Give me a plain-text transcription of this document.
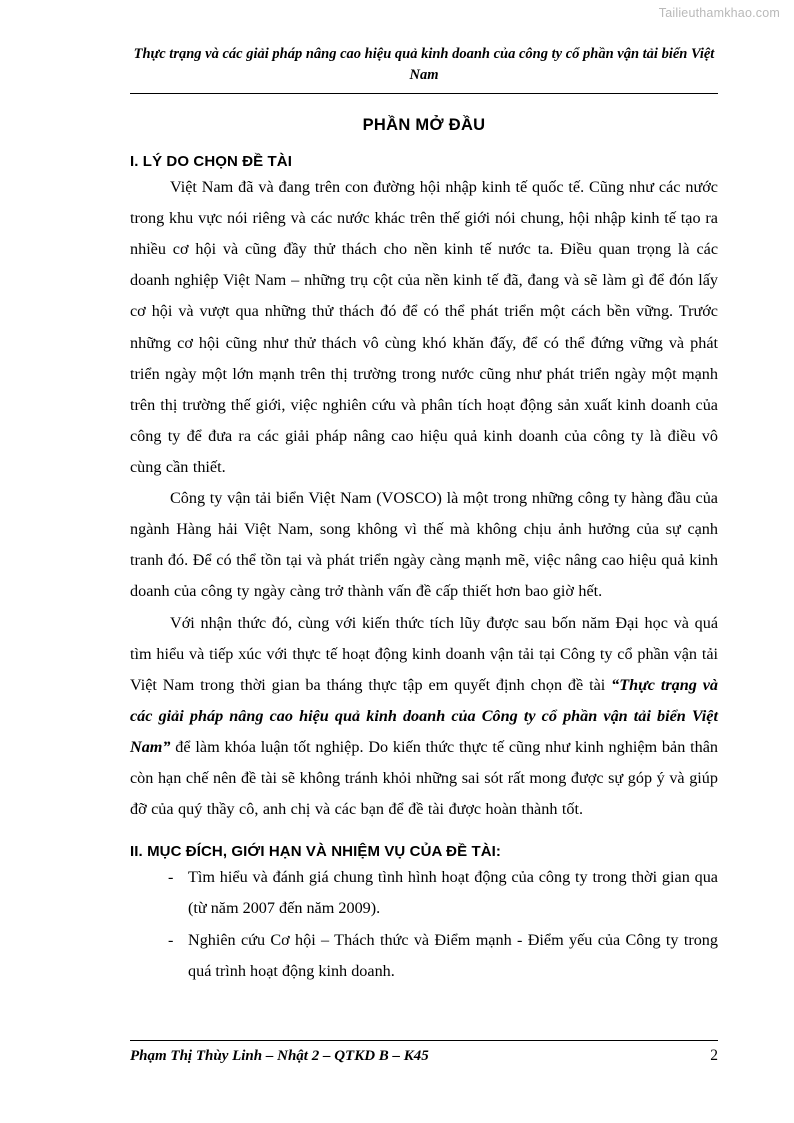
Tailieuthamkhao.com
Thực trạng và các giải pháp nâng cao hiệu quả kinh doanh của công ty cổ phần vận tải biển Việt Nam
PHẦN MỞ ĐẦU
I. LÝ DO CHỌN ĐỀ TÀI

Việt Nam đã và đang trên con đường hội nhập kinh tế quốc tế. Cũng như các nước trong khu vực nói riêng và các nước khác trên thế giới nói chung, hội nhập kinh tế tạo ra nhiều cơ hội và cũng đầy thử thách cho nền kinh tế nước ta. Điều quan trọng là các doanh nghiệp Việt Nam – những trụ cột của nền kinh tế đã, đang và sẽ làm gì để đón lấy cơ hội và vượt qua những thử thách đó để có thể phát triển một cách bền vững. Trước những cơ hội cũng như thử thách vô cùng khó khăn đấy, để có thể đứng vững và phát triển ngày một lớn mạnh trên thị trường trong nước cũng như phát triển ngày một mạnh trên thị trường thế giới, việc nghiên cứu và phân tích hoạt động sản xuất kinh doanh của công ty để đưa ra các giải pháp nâng cao hiệu quả kinh doanh của công ty là điều vô cùng cần thiết.

Công ty vận tải biển Việt Nam (VOSCO) là một trong những công ty hàng đầu của ngành Hàng hải Việt Nam, song không vì thế mà không chịu ảnh hưởng của sự cạnh tranh đó. Để có thể tồn tại và phát triển ngày càng mạnh mẽ, việc nâng cao hiệu quả kinh doanh của công ty ngày càng trở thành vấn đề cấp thiết hơn bao giờ hết.

Với nhận thức đó, cùng với kiến thức tích lũy được sau bốn năm Đại học và quá tìm hiểu và tiếp xúc với thực tế hoạt động kinh doanh vận tải tại Công ty cổ phần vận tải Việt Nam trong thời gian ba tháng thực tập em quyết định chọn đề tài “Thực trạng và các giải pháp nâng cao hiệu quả kinh doanh của Công ty cổ phần vận tải biển Việt Nam” để làm khóa luận tốt nghiệp. Do kiến thức thực tế cũng như kinh nghiệm bản thân còn hạn chế nên đề tài sẽ không tránh khỏi những sai sót rất mong được sự góp ý và giúp đỡ của quý thầy cô, anh chị và các bạn để đề tài được hoàn thành tốt.

II. MỤC ĐÍCH, GIỚI HẠN VÀ NHIỆM VỤ CỦA ĐỀ TÀI:
- Tìm hiểu và đánh giá chung tình hình hoạt động của công ty trong thời gian qua (từ năm 2007 đến năm 2009).
- Nghiên cứu Cơ hội – Thách thức và Điểm mạnh - Điểm yếu của Công ty trong quá trình hoạt động kinh doanh.
Phạm Thị Thùy Linh – Nhật 2 – QTKD B – K45	2
